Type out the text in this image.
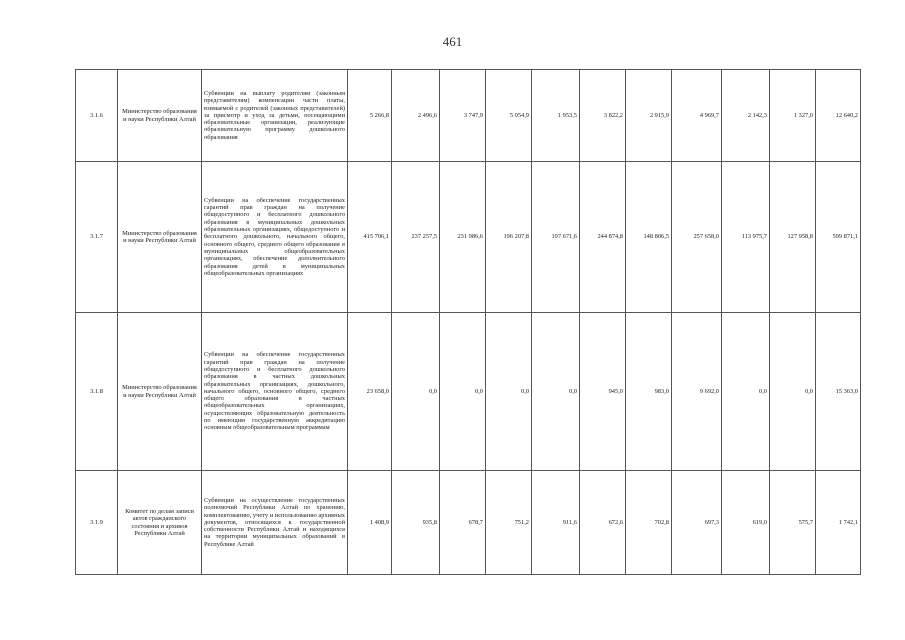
461
3.1.6	Министерство образования и науки Республики Алтай	Субвенции на выплату родителям (законным представителям) компенсации части платы, взимаемой с родителей (законных представителей) за присмотр и уход за детьми, посещающими образовательные организации, реализующие образовательную программу дошкольного образования	5 266,8	2 496,6	3 747,9	5 054,9	1 953,5	3 822,2	2 915,9	4 969,7	2 142,3	1 327,0	12 640,2
3.1.7	Министерство образования и науки Республики Алтай	Субвенции на обеспечение государственных гарантий прав граждан на получение общедоступного и бесплатного дошкольного образования в муниципальных дошкольных образовательных организациях, общедоступного и бесплатного дошкольного, начального общего, основного общего, среднего общего образования в муниципальных общеобразовательных организациях, обеспечение дополнительного образования детей в муниципальных общеобразовательных организациях	415 706,1	237 257,5	231 986,6	196 207,8	197 671,6	244 874,8	148 806,5	257 658,0	113 975,7	127 958,8	599 871,1
3.1.8	Министерство образования и науки Республики Алтай	Субвенции на обеспечение государственных гарантий прав граждан на получение общедоступного и бесплатного дошкольного образования в частных дошкольных образовательных организациях, дошкольного, начального общего, основного общего, среднего общего образования в частных общеобразовательных организациях, осуществляющих образовательную деятельность по имеющим государственную аккредитацию основным общеобразовательным программам	23 658,0	0,0	0,0	0,0	0,0	945,0	983,0	9 692,0	0,0	0,0	15 363,0
3.1.9	Комитет по делам записи актов гражданского состояния и архивов Республики Алтай	Субвенции на осуществление государственных полномочий Республики Алтай по хранению, комплектованию, учету и использованию архивных документов, относящихся к государственной собственности Республики Алтай и находящихся на территории муниципальных образований в Республике Алтай	1 408,9	935,8	678,7	751,2	911,6	672,6	702,8	697,3	619,0	575,7	1 742,1
